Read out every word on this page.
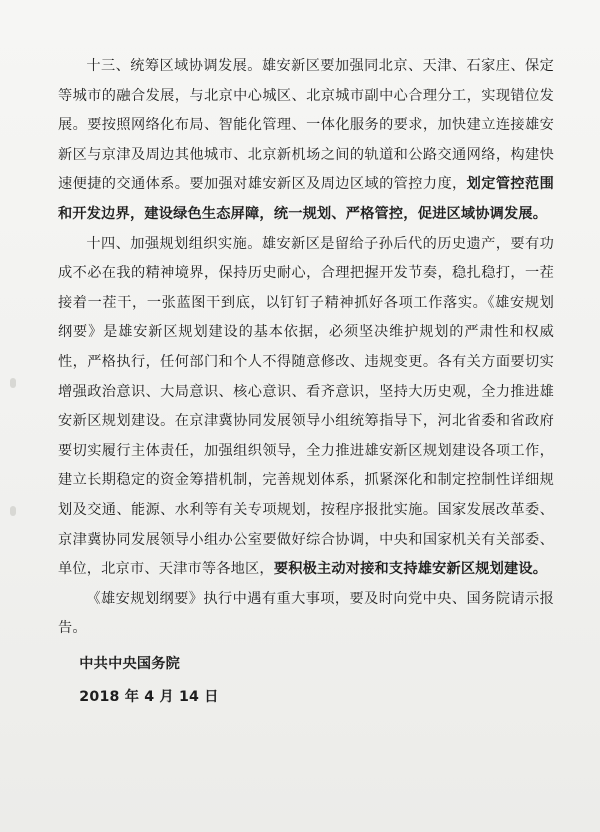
十三、统筹区域协调发展。雄安新区要加强同北京、天津、石家庄、保定等城市的融合发展，与北京中心城区、北京城市副中心合理分工，实现错位发展。要按照网络化布局、智能化管理、一体化服务的要求，加快建立连接雄安新区与京津及周边其他城市、北京新机场之间的轨道和公路交通网络，构建快速便捷的交通体系。要加强对雄安新区及周边区域的管控力度，划定管控范围和开发边界，建设绿色生态屏障，统一规划、严格管控，促进区域协调发展。

十四、加强规划组织实施。雄安新区是留给子孙后代的历史遗产，要有功成不必在我的精神境界，保持历史耐心，合理把握开发节奏，稳扎稳打，一茬接着一茬干，一张蓝图干到底，以钉钉子精神抓好各项工作落实。《雄安规划纲要》是雄安新区规划建设的基本依据，必须坚决维护规划的严肃性和权威性，严格执行，任何部门和个人不得随意修改、违规变更。各有关方面要切实增强政治意识、大局意识、核心意识、看齐意识，坚持大历史观，全力推进雄安新区规划建设。在京津冀协同发展领导小组统筹指导下，河北省委和省政府要切实履行主体责任，加强组织领导，全力推进雄安新区规划建设各项工作，建立长期稳定的资金筹措机制，完善规划体系，抓紧深化和制定控制性详细规划及交通、能源、水利等有关专项规划，按程序报批实施。国家发展改革委、京津冀协同发展领导小组办公室要做好综合协调，中央和国家机关有关部委、单位，北京市、天津市等各地区，要积极主动对接和支持雄安新区规划建设。

《雄安规划纲要》执行中遇有重大事项，要及时向党中央、国务院请示报告。

中共中央国务院

2018 年 4 月 14 日
